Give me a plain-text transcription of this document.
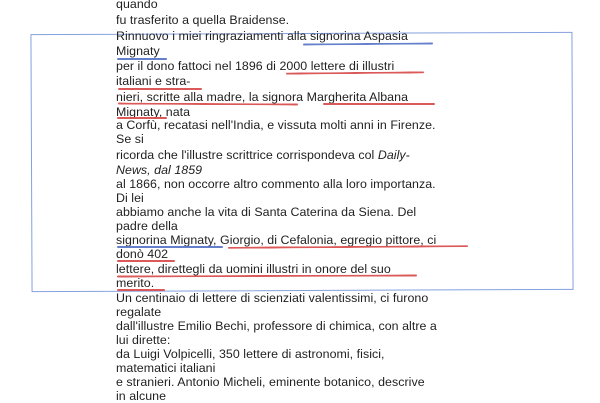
quando
fu trasferito a quella Braidense.
Rinnuovo i miei ringraziamenti alla signorina Aspasia
Mignaty
per il dono fattoci nel 1896 di 2000 lettere di illustri
italiani e stra-
nieri, scritte alla madre, la signora Margherita Albana
Mignaty, nata
a Corfù, recatasi nell'India, e vissuta molti anni in Firenze.
Se si
ricorda che l'illustre scrittrice corrispondeva col Daily-
News, dal 1859
al 1866, non occorre altro commento alla loro importanza.
Di lei
abbiamo anche la vita di Santa Caterina da Siena. Del
padre della
signorina Mignaty, Giorgio, di Cefalonia, egregio pittore, ci
donò 402
lettere, direttegli da uomini illustri in onore del suo
merito.
Un centinaio di lettere di scienziati valentissimi, ci furono
regalate
dall'illustre Emilio Bechi, professore di chimica, con altre a
lui dirette:
da Luigi Volpicelli, 350 lettere di astronomi, fisici,
matematici italiani
e stranieri. Antonio Micheli, eminente botanico, descrive
in alcune
